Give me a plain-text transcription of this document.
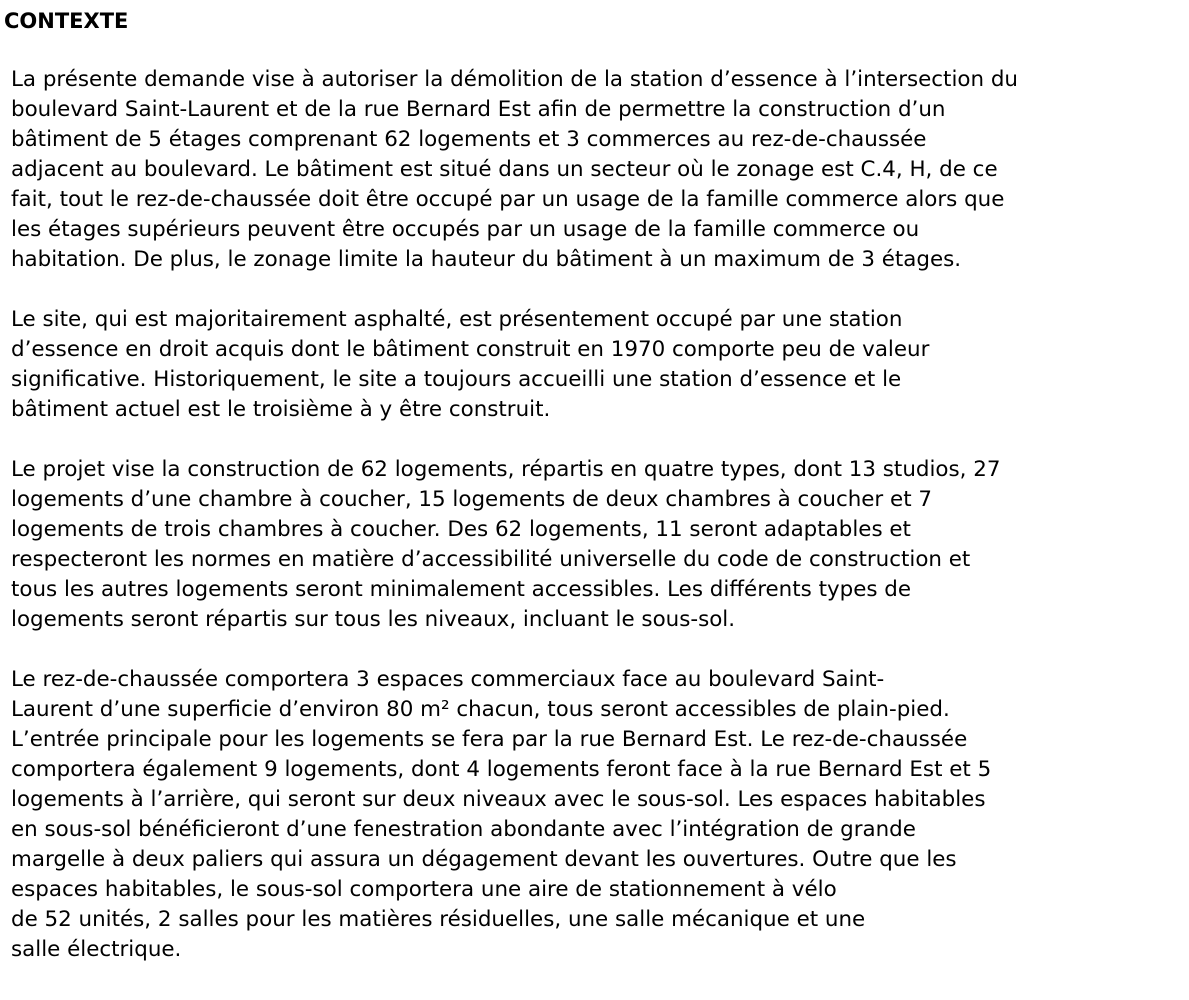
CONTEXTE

La présente demande vise à autoriser la démolition de la station d’essence à l’intersection du
boulevard Saint-Laurent et de la rue Bernard Est afin de permettre la construction d’un
bâtiment de 5 étages comprenant 62 logements et 3 commerces au rez-de-chaussée
adjacent au boulevard. Le bâtiment est situé dans un secteur où le zonage est C.4, H, de ce
fait, tout le rez-de-chaussée doit être occupé par un usage de la famille commerce alors que
les étages supérieurs peuvent être occupés par un usage de la famille commerce ou
habitation. De plus, le zonage limite la hauteur du bâtiment à un maximum de 3 étages.

Le site, qui est majoritairement asphalté, est présentement occupé par une station
d’essence en droit acquis dont le bâtiment construit en 1970 comporte peu de valeur
significative. Historiquement, le site a toujours accueilli une station d’essence et le
bâtiment actuel est le troisième à y être construit.

Le projet vise la construction de 62 logements, répartis en quatre types, dont 13 studios, 27
logements d’une chambre à coucher, 15 logements de deux chambres à coucher et 7
logements de trois chambres à coucher. Des 62 logements, 11 seront adaptables et
respecteront les normes en matière d’accessibilité universelle du code de construction et
tous les autres logements seront minimalement accessibles. Les différents types de
logements seront répartis sur tous les niveaux, incluant le sous-sol.

Le rez-de-chaussée comportera 3 espaces commerciaux face au boulevard Saint-
Laurent d’une superficie d’environ 80 m² chacun, tous seront accessibles de plain-pied.
L’entrée principale pour les logements se fera par la rue Bernard Est. Le rez-de-chaussée
comportera également 9 logements, dont 4 logements feront face à la rue Bernard Est et 5
logements à l’arrière, qui seront sur deux niveaux avec le sous-sol. Les espaces habitables
en sous-sol bénéficieront d’une fenestration abondante avec l’intégration de grande
margelle à deux paliers qui assura un dégagement devant les ouvertures. Outre que les
espaces habitables, le sous-sol comportera une aire de stationnement à vélo
de 52 unités, 2 salles pour les matières résiduelles, une salle mécanique et une
salle électrique.
